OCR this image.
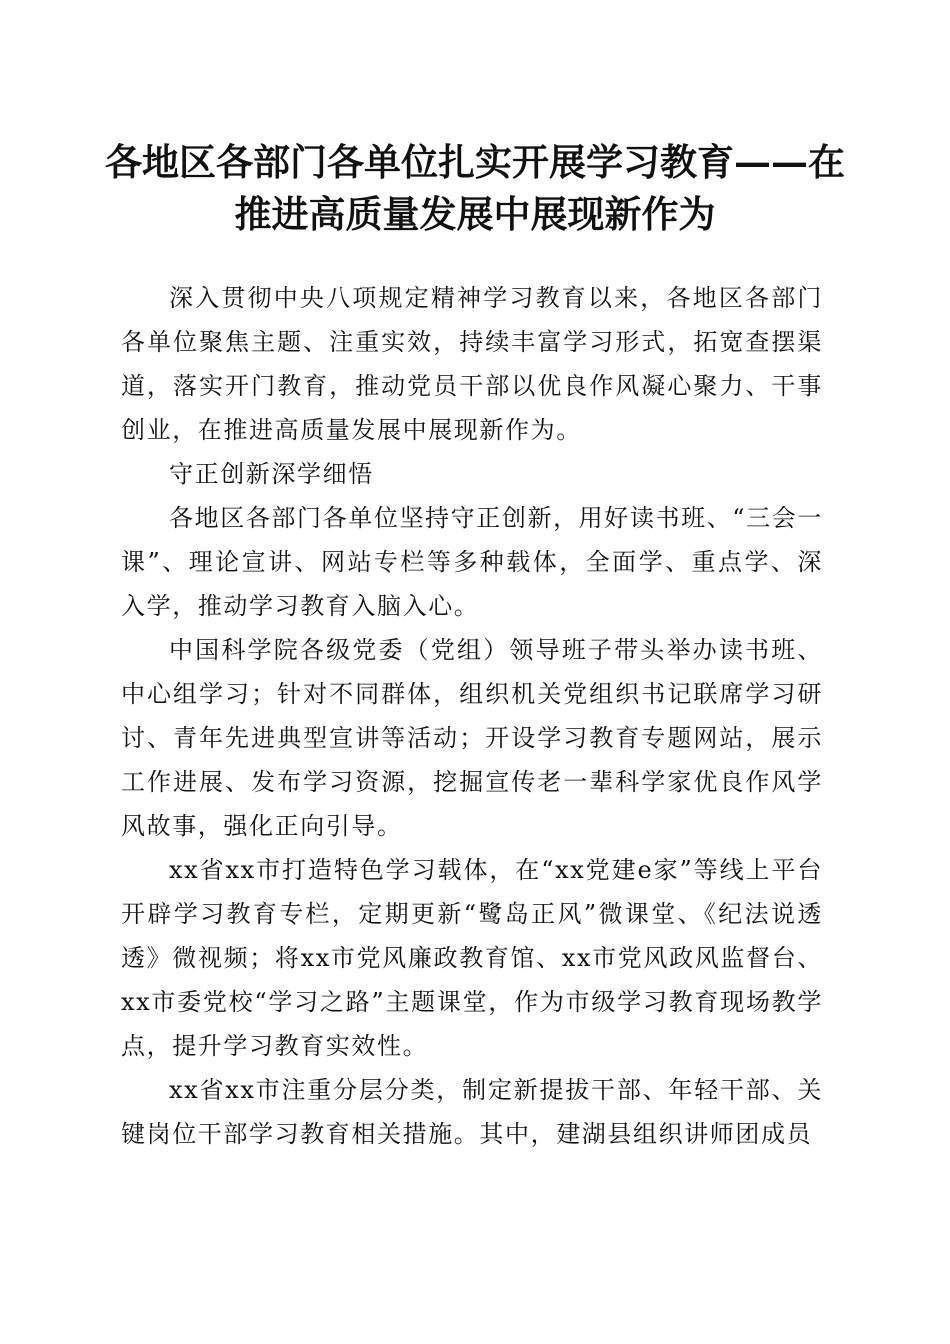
各地区各部门各单位扎实开展学习教育——在
推进高质量发展中展现新作为

深入贯彻中央八项规定精神学习教育以来，各地区各部门各单位聚焦主题、注重实效，持续丰富学习形式，拓宽查摆渠道，落实开门教育，推动党员干部以优良作风凝心聚力、干事创业，在推进高质量发展中展现新作为。

守正创新深学细悟

各地区各部门各单位坚持守正创新，用好读书班、“三会一课”、理论宣讲、网站专栏等多种载体，全面学、重点学、深入学，推动学习教育入脑入心。

中国科学院各级党委（党组）领导班子带头举办读书班、中心组学习；针对不同群体，组织机关党组织书记联席学习研讨、青年先进典型宣讲等活动；开设学习教育专题网站，展示工作进展、发布学习资源，挖掘宣传老一辈科学家优良作风学风故事，强化正向引导。

xx省xx市打造特色学习载体，在“xx党建e家”等线上平台开辟学习教育专栏，定期更新“鹭岛正风”微课堂、《纪法说透透》微视频；将xx市党风廉政教育馆、xx市党风政风监督台、xx市委党校“学习之路”主题课堂，作为市级学习教育现场教学点，提升学习教育实效性。

xx省xx市注重分层分类，制定新提拔干部、年轻干部、关键岗位干部学习教育相关措施。其中，建湖县组织讲师团成员
